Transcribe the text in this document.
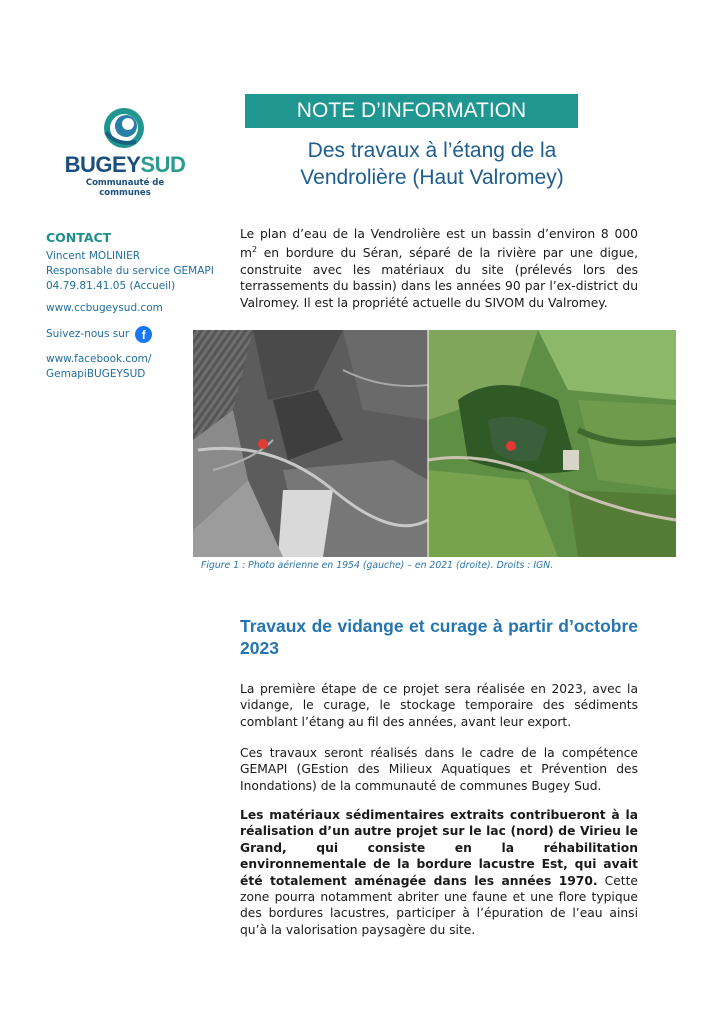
BUGEYSUD
Communauté de communes
NOTE D’INFORMATION
Des travaux à l’étang de la
Vendrolière (Haut Valromey)
CONTACT
Vincent MOLINIER
Responsable du service GEMAPI
04.79.81.41.05 (Accueil)
www.ccbugeysud.com
Suivez-nous sur	f
www.facebook.com/
GemapiBUGEYSUD
Le plan d’eau de la Vendrolière est un bassin d’environ 8 000 $m^2$ en bordure du Séran, séparé de la rivière par une digue, construite avec les matériaux du site (prélevés lors des terrassements du bassin) dans les années 90 par l’ex-district du Valromey. Il est la propriété actuelle du SIVOM du Valromey.
Figure 1 : Photo aérienne en 1954 (gauche) – en 2021 (droite). Droits : IGN.
Travaux de vidange et curage à partir d’octobre 2023
La première étape de ce projet sera réalisée en 2023, avec la vidange, le curage, le stockage temporaire des sédiments comblant l’étang au fil des années, avant leur export.
Ces travaux seront réalisés dans le cadre de la compétence GEMAPI (GEstion des Milieux Aquatiques et Prévention des Inondations) de la communauté de communes Bugey Sud.
Les matériaux sédimentaires extraits contribueront à la réalisation d’un autre projet sur le lac (nord) de Virieu le Grand, qui consiste en la réhabilitation environnementale de la bordure lacustre Est, qui avait été totalement aménagée dans les années 1970. Cette zone pourra notamment abriter une faune et une flore typique des bordures lacustres, participer à l’épuration de l’eau ainsi qu’à la valorisation paysagère du site.
